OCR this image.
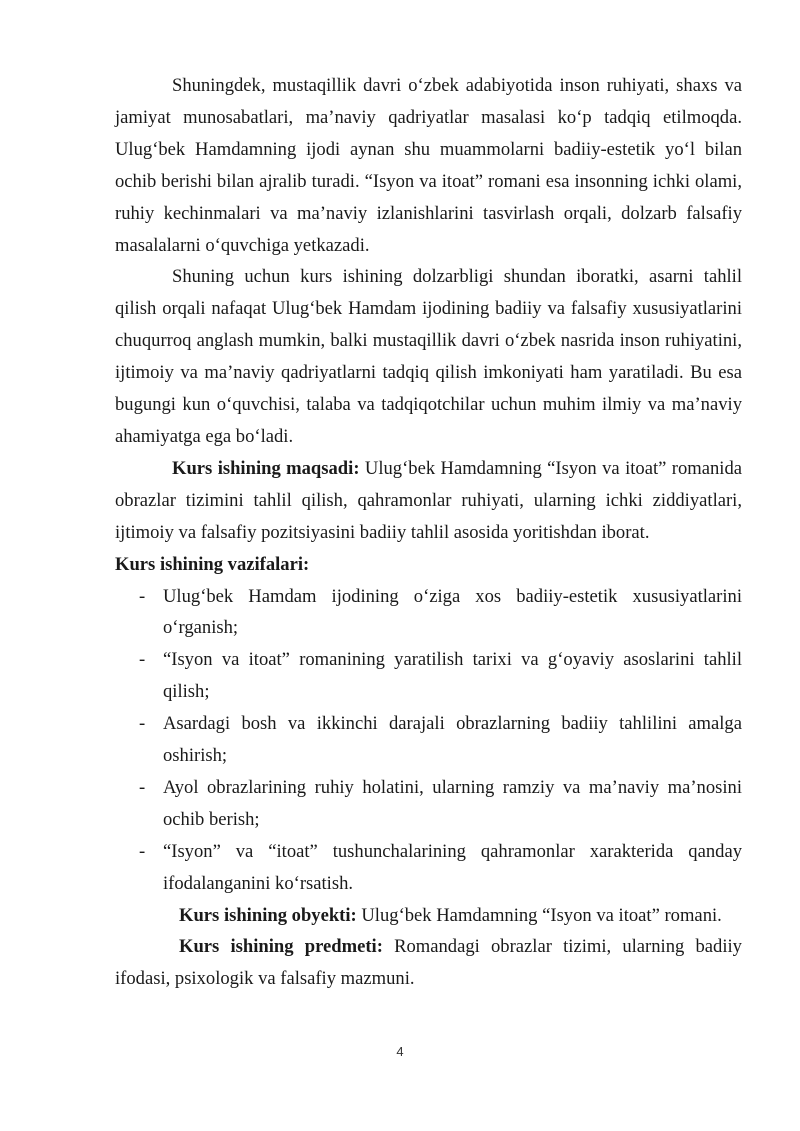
Shuningdek, mustaqillik davri o‘zbek adabiyotida inson ruhiyati, shaxs va jamiyat munosabatlari, ma’naviy qadriyatlar masalasi ko‘p tadqiq etilmoqda. Ulug‘bek Hamdamning ijodi aynan shu muammolarni badiiy-estetik yo‘l bilan ochib berishi bilan ajralib turadi. “Isyon va itoat” romani esa insonning ichki olami, ruhiy kechinmalari va ma’naviy izlanishlarini tasvirlash orqali, dolzarb falsafiy masalalarni o‘quvchiga yetkazadi.

Shuning uchun kurs ishining dolzarbligi shundan iboratki, asarni tahlil qilish orqali nafaqat Ulug‘bek Hamdam ijodining badiiy va falsafiy xususiyatlarini chuqurroq anglash mumkin, balki mustaqillik davri o‘zbek nasrida inson ruhiyatini, ijtimoiy va ma’naviy qadriyatlarni tadqiq qilish imkoniyati ham yaratiladi. Bu esa bugungi kun o‘quvchisi, talaba va tadqiqotchilar uchun muhim ilmiy va ma’naviy ahamiyatga ega bo‘ladi.

Kurs ishining maqsadi: Ulug‘bek Hamdamning “Isyon va itoat” romanida obrazlar tizimini tahlil qilish, qahramonlar ruhiyati, ularning ichki ziddiyatlari, ijtimoiy va falsafiy pozitsiyasini badiiy tahlil asosida yoritishdan iborat.

Kurs ishining vazifalari:

- Ulug‘bek Hamdam ijodining o‘ziga xos badiiy-estetik xususiyatlarini o‘rganish;
- “Isyon va itoat” romanining yaratilish tarixi va g‘oyaviy asoslarini tahlil qilish;
- Asardagi bosh va ikkinchi darajali obrazlarning badiiy tahlilini amalga oshirish;
- Ayol obrazlarining ruhiy holatini, ularning ramziy va ma’naviy ma’nosini ochib berish;
- “Isyon” va “itoat” tushunchalarining qahramonlar xarakterida qanday ifodalanganini ko‘rsatish.

Kurs ishining obyekti: Ulug‘bek Hamdamning “Isyon va itoat” romani.

Kurs ishining predmeti: Romandagi obrazlar tizimi, ularning badiiy ifodasi, psixologik va falsafiy mazmuni.

4
